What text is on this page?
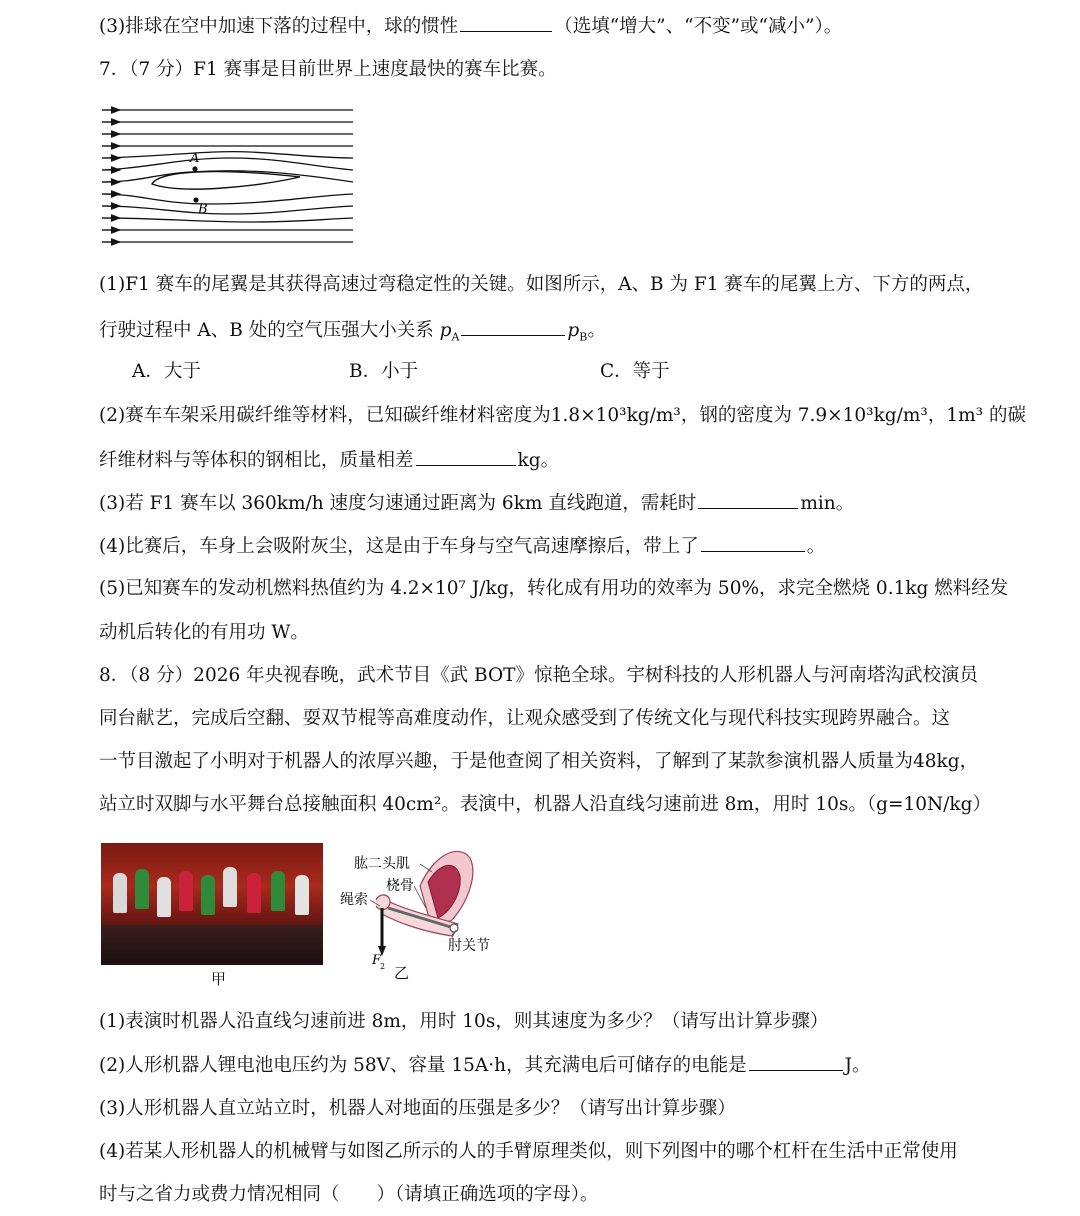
(3)排球在空中加速下落的过程中，球的惯性	（选填“增大”、“不变”或“减小”）。
7．（7 分）F1 赛事是目前世界上速度最快的赛车比赛。
A
B
(1)F1 赛车的尾翼是其获得高速过弯稳定性的关键。如图所示，A、B 为 F1 赛车的尾翼上方、下方的两点，
行驶过程中 A、B 处的空气压强大小关系 $p_A$	$p_B$。
A．大于	B．小于	C．等于
(2)赛车车架采用碳纤维等材料，已知碳纤维材料密度为1.8×10³kg/m³，钢的密度为 7.9×10³kg/m³，1m³ 的碳
纤维材料与等体积的钢相比，质量相差	kg。
(3)若 F1 赛车以 360km/h 速度匀速通过距离为 6km 直线跑道，需耗时	min。
(4)比赛后，车身上会吸附灰尘，这是由于车身与空气高速摩擦后，带上了	。
(5)已知赛车的发动机燃料热值约为 4.2×10⁷ J/kg，转化成有用功的效率为 50%，求完全燃烧 0.1kg 燃料经发
动机后转化的有用功 W。
8．（8 分）2026 年央视春晚，武术节目《武 BOT》惊艳全球。宇树科技的人形机器人与河南塔沟武校演员
同台献艺，完成后空翻、耍双节棍等高难度动作，让观众感受到了传统文化与现代科技实现跨界融合。这
一节目激起了小明对于机器人的浓厚兴趣，于是他查阅了相关资料，了解到了某款参演机器人质量为48kg，
站立时双脚与水平舞台总接触面积 40cm²。表演中，机器人沿直线匀速前进 8m，用时 10s。（g=10N/kg）
甲
肱二头肌
桡骨
绳索
肘关节
F
2 乙
(1)表演时机器人沿直线匀速前进 8m，用时 10s，则其速度为多少？（请写出计算步骤）
(2)人形机器人锂电池电压约为 58V、容量 15A·h，其充满电后可储存的电能是	J。
(3)人形机器人直立站立时，机器人对地面的压强是多少？（请写出计算步骤）
(4)若某人形机器人的机械臂与如图乙所示的人的手臂原理类似，则下列图中的哪个杠杆在生活中正常使用
时与之省力或费力情况相同（　　）（请填正确选项的字母）。
